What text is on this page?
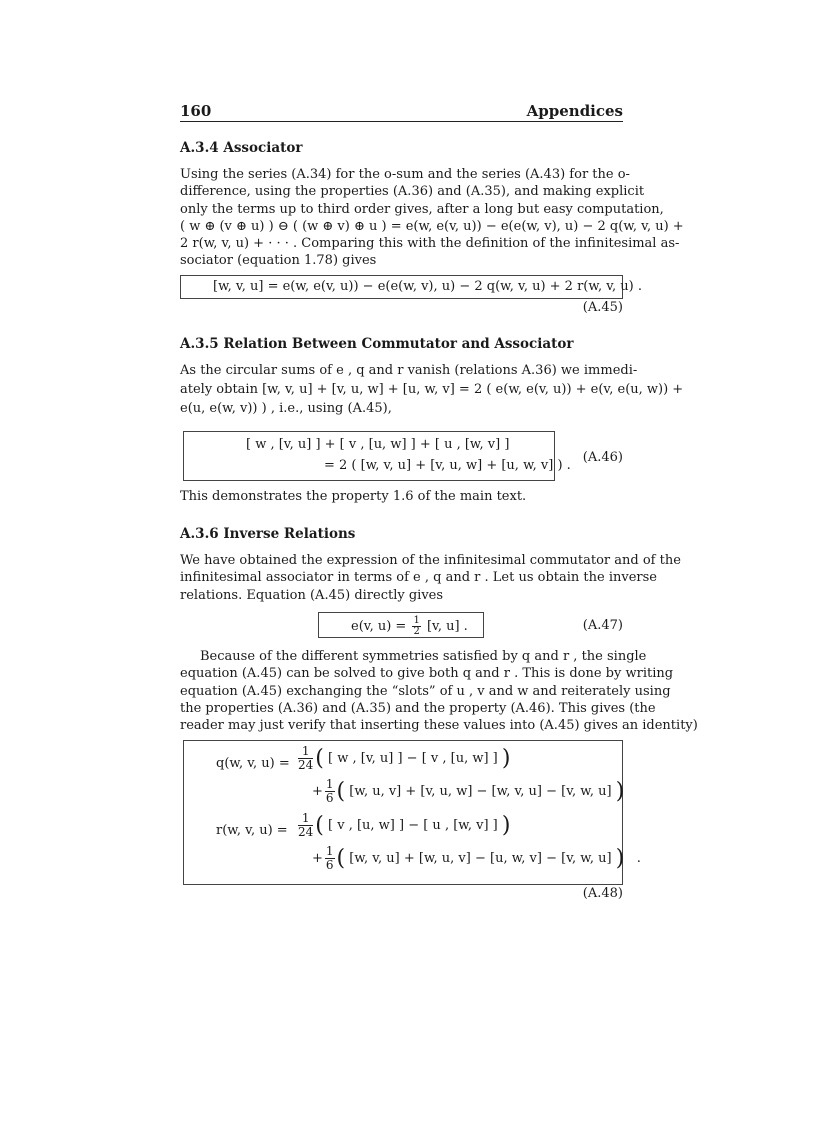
160	Appendices
A.3.4 Associator
Using the series (A.34) for the o-sum and the series (A.43) for the o-
difference, using the properties (A.36) and (A.35), and making explicit
only the terms up to third order gives, after a long but easy computation,
( w ⊕ (v ⊕ u) ) ⊖ ( (w ⊕ v) ⊕ u ) = e(w, e(v, u)) − e(e(w, v), u) − 2 q(w, v, u) +
2 r(w, v, u) + · · · . Comparing this with the definition of the infinitesimal as-
sociator (equation 1.78) gives
[w, v, u] = e(w, e(v, u)) − e(e(w, v), u) − 2 q(w, v, u) + 2 r(w, v, u) .
(A.45)
A.3.5 Relation Between Commutator and Associator
As the circular sums of e , q and r vanish (relations A.36) we immedi-
ately obtain [w, v, u] + [v, u, w] + [u, w, v] = 2 ( e(w, e(v, u)) + e(v, e(u, w)) +
e(u, e(w, v)) ) , i.e., using (A.45),
[ w , [v, u] ] + [ v , [u, w] ] + [ u , [w, v] ]
= 2 ( [w, v, u] + [v, u, w] + [u, w, v] ) .
(A.46)
This demonstrates the property 1.6 of the main text.
A.3.6 Inverse Relations
We have obtained the expression of the infinitesimal commutator and of the
infinitesimal associator in terms of e , q and r . Let us obtain the inverse
relations. Equation (A.45) directly gives
e(v, $u) = \frac{1}{2} [v$, u] .	(A.47)
Because of the different symmetries satisfied by q and r , the single
equation (A.45) can be solved to give both q and r . This is done by writing
equation (A.45) exchanging the “slots” of u , v and w and reiterately using
the properties (A.36) and (A.35) and the property (A.46). This gives (the
reader may just verify that inserting these values into (A.45) gives an identity)
q(w, v, $u) = \frac{1}{24}$ ( [ w , [v, u] ] − [ v , [u, w] ] )
+ $\frac{1}{6}$ ( [w, u, v] + [v, u, w] − [w, v, u] − [v, w, u] )
r(w, v, $u) = \frac{1}{24}$ ( [ v , [u, w] ] − [ u , [w, v] ] )
+ $\frac{1}{6}$ ( [w, v, u] + [w, u, v] − [u, w, v] − [v, w, u] )   .
(A.48)
